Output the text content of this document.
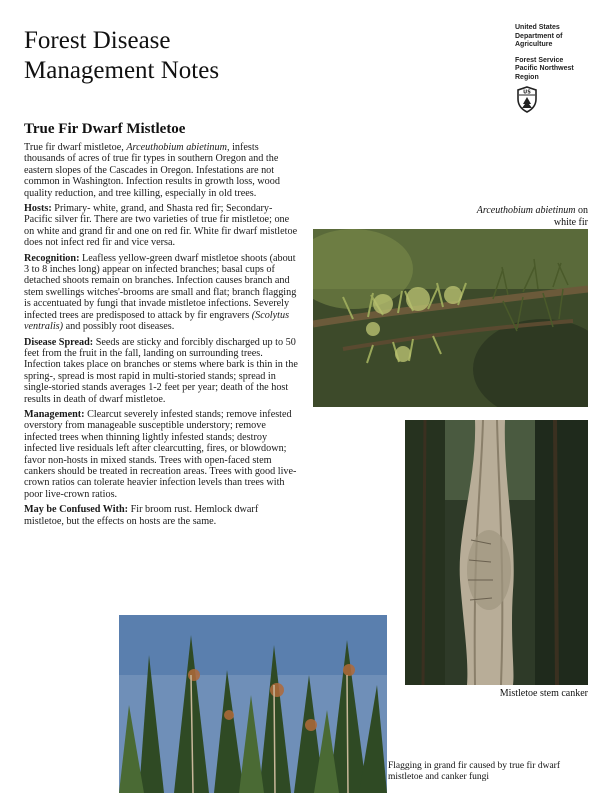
Forest Disease
Management Notes
United States
Department of
Agriculture
Forest Service
Pacific Northwest
Region
US
True Fir Dwarf Mistletoe

True fir dwarf mistletoe, Arceuthobium abietinum, infests thousands of acres of true fir types in southern Oregon and the eastern slopes of the Cascades in Oregon. Infestations are not common in Washington. Infection results in growth loss, wood quality reduction, and tree killing, especially in old trees.

Hosts: Primary- white, grand, and Shasta red fir; Secondary- Pacific silver fir. There are two varieties of true fir mistletoe; one on white and grand fir and one on red fir. White fir dwarf mistletoe does not infect red fir and vice versa.

Recognition: Leafless yellow-green dwarf mistletoe shoots (about 3 to 8 inches long) appear on infected branches; basal cups of detached shoots remain on branches. Infection causes branch and stem swellings witches'-brooms are small and flat; branch flagging is accentuated by fungi that invade mistletoe infections. Severely infected trees are predisposed to attack by fir engravers (Scolytus ventralis) and possibly root diseases.

Disease Spread: Seeds are sticky and forcibly discharged up to 50 feet from the fruit in the fall, landing on surrounding trees. Infection takes place on branches or stems where bark is thin in the spring-, spread is most rapid in multi-storied stands; spread in single-storied stands averages 1-2 feet per year; death of the host results in death of dwarf mistletoe.

Management: Clearcut severely infested stands; remove infested overstory from manageable susceptible understory; remove infected trees when thinning lightly infested stands; destroy infected live residuals left after clearcutting, fires, or blowdown; favor non-hosts in mixed stands. Trees with open-faced stem cankers should be treated in recreation areas. Trees with good live-crown ratios can tolerate heavier infection levels than trees with poor live-crown ratios.

May be Confused With: Fir broom rust. Hemlock dwarf mistletoe, but the effects on hosts are the same.

Arceuthobium abietinum on white fir
Mistletoe stem canker
Flagging in grand fir caused by true fir dwarf mistletoe and canker fungi
